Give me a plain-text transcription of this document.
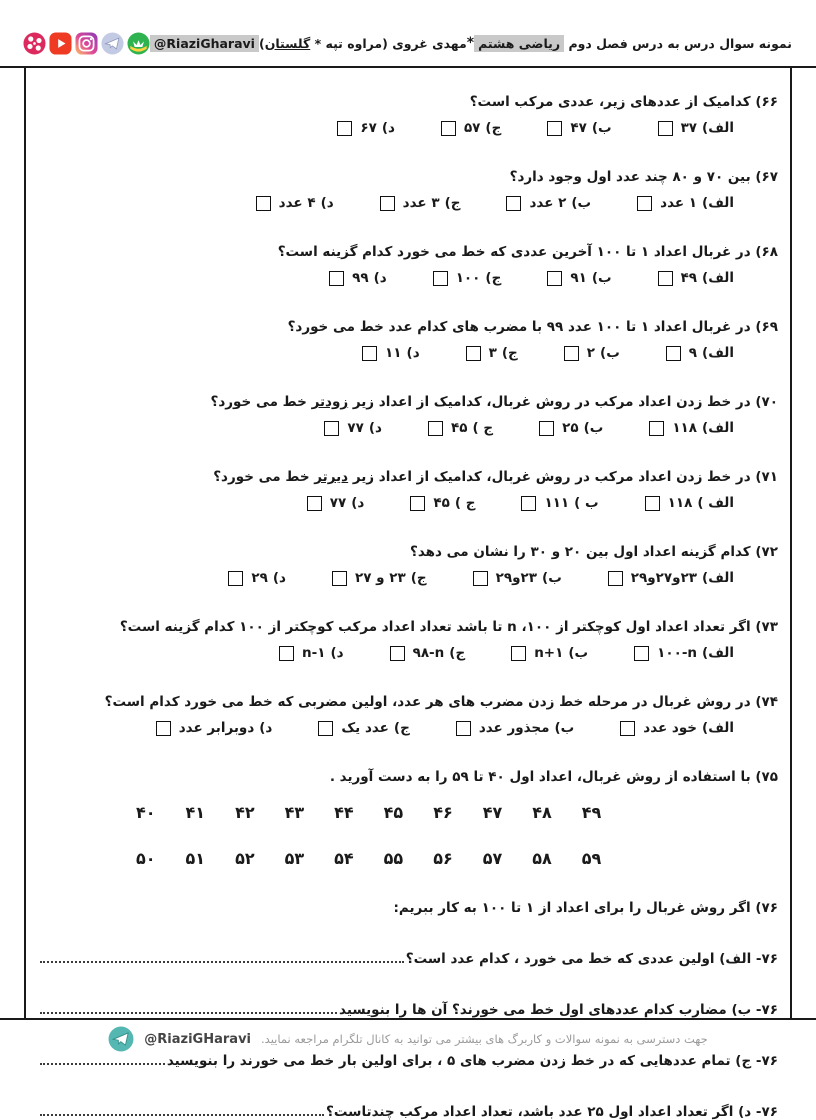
نمونه سوال درس به درس فصل دوم ریاضی هشتم
*
مهدی غروی (مراوه تپه * گلستان)
@RiaziGharavi
۶۶) کدامیک از عددهای زیر، عددی مرکب است؟
الف)
۳۷
ب)
۴۷
ج)
۵۷
د)
۶۷
۶۷) بین ۷۰ و ۸۰ چند عدد اول وجود دارد؟
الف)
۱ عدد
ب)
۲ عدد
ج)
۳ عدد
د)
۴ عدد
۶۸) در غربال اعداد ۱ تا ۱۰۰ آخرین عددی که خط می خورد کدام گزینه است؟
الف)
۴۹
ب)
۹۱
ج)
۱۰۰
د)
۹۹
۶۹) در غربال اعداد ۱ تا ۱۰۰ عدد ۹۹ با مضرب های کدام عدد خط می خورد؟
الف)
۹
ب)
۲
ج)
۳
د)
۱۱
۷۰) در خط زدن اعداد مرکب در روش غربال، کدامیک از اعداد زیر زودتر خط می خورد؟
الف)
۱۱۸
ب)
۲۵
ج )
۴۵
د)
۷۷
۷۱) در خط زدن اعداد مرکب در روش غربال، کدامیک از اعداد زیر دیرتر خط می خورد؟
الف )
۱۱۸
ب )
۱۱۱
ج )
۴۵
د)
۷۷
۷۲) کدام گزینه اعداد اول بین ۲۰ و ۳۰ را نشان می دهد؟
الف)
۲۳و۲۷و۲۹
ب)
۲۳و۲۹
ج)
۲۳ و ۲۷
د)
۲۹
۷۳) اگر تعداد اعداد اول کوچکتر از ۱۰۰، n تا باشد تعداد اعداد مرکب کوچکتر از ۱۰۰ کدام گزینه است؟
الف)
۱۰۰-n
ب)
n+۱
ج)
۹۸-n
د)
n-۱
۷۴) در روش غربال در مرحله خط زدن مضرب های هر عدد، اولین مضربی که خط می خورد کدام است؟
الف)
خود عدد
ب)
مجذور عدد
ج)
عدد یک
د)
دوبرابر عدد
۷۵) با استفاده از روش غربال، اعداد اول ۴۰ تا ۵۹ را به دست آورید .
۴۰ ۴۱ ۴۲ ۴۳ ۴۴ ۴۵ ۴۶ ۴۷ ۴۸ ۴۹
۵۰ ۵۱ ۵۲ ۵۳ ۵۴ ۵۵ ۵۶ ۵۷ ۵۸ ۵۹
۷۶) اگر روش غربال را برای اعداد از ۱ تا ۱۰۰ به کار ببریم:
۷۶- الف) اولین عددی که خط می خورد ، کدام عدد است؟
۷۶- ب) مضارب کدام عددهای اول خط می خورند؟ آن ها را بنویسید
۷۶- ج) تمام عددهایی که در خط زدن مضرب های ۵ ، برای اولین بار خط می خورند را بنویسید
۷۶- د) اگر تعداد اعداد اول ۲۵ عدد باشد، تعداد اعداد مرکب چندتاست؟
جهت دسترسی به نمونه سوالات و کاربرگ های بیشتر می توانید به کانال تلگرام مراجعه نمایید.
@RiaziGHaravi
